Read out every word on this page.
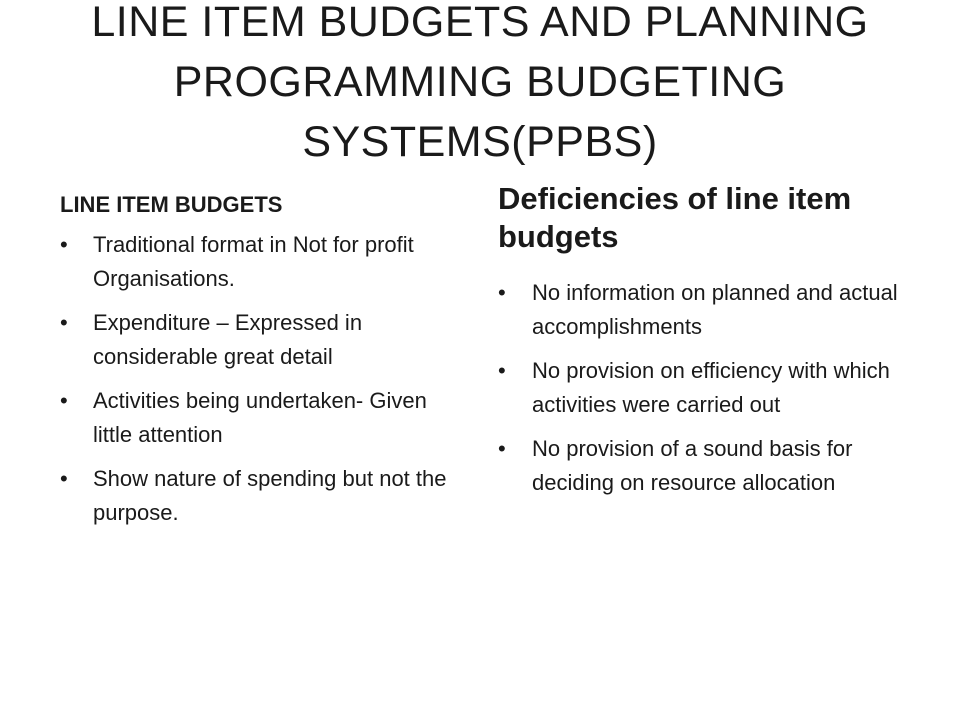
LINE ITEM BUDGETS AND PLANNING
PROGRAMMING BUDGETING
SYSTEMS(PPBS)
LINE ITEM BUDGETS
• Traditional format in Not for profit Organisations.
• Expenditure – Expressed in considerable great detail
• Activities being undertaken- Given little attention
• Show nature of spending but not the purpose.
Deficiencies of line item budgets
• No information on planned and actual accomplishments
• No provision on efficiency with which activities were carried out
• No provision of a sound basis for deciding on resource allocation
